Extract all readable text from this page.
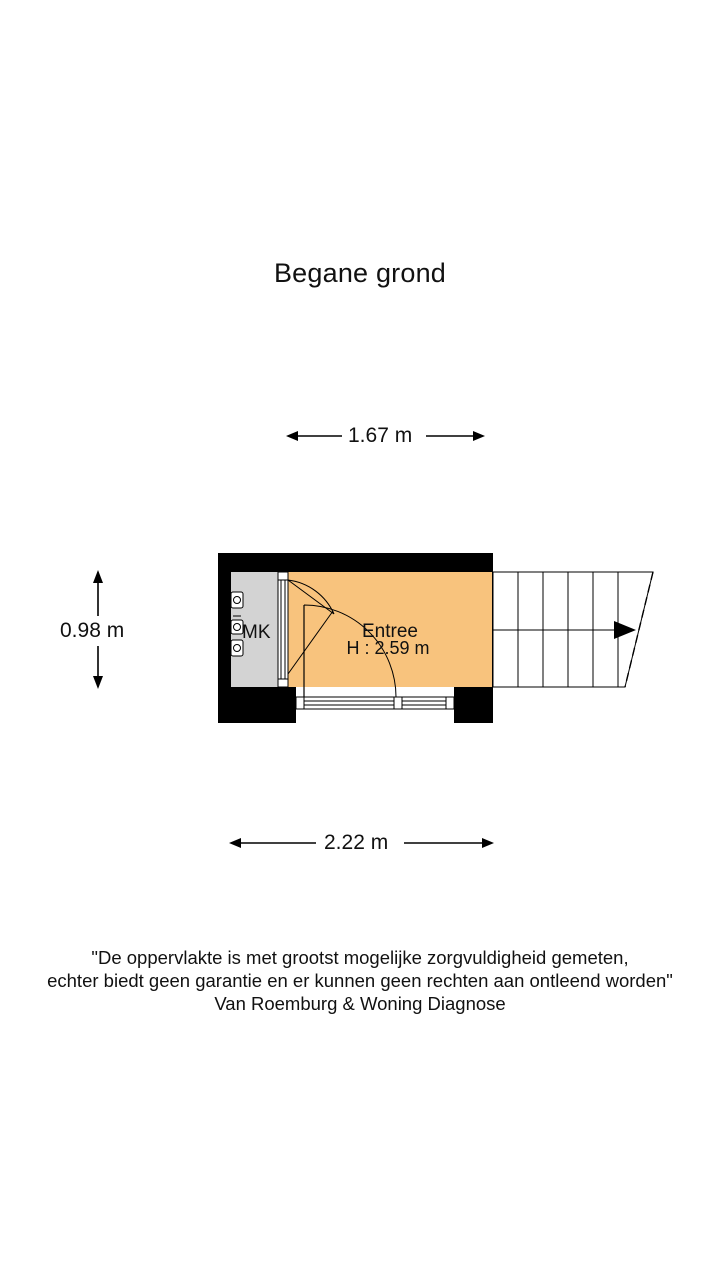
Begane grond
MK	Entree
H : 2.59 m
1.67 m
0.98 m
2.22 m
"De oppervlakte is met grootst mogelijke zorgvuldigheid gemeten,
echter biedt geen garantie en er kunnen geen rechten aan ontleend worden"
Van Roemburg & Woning Diagnose
